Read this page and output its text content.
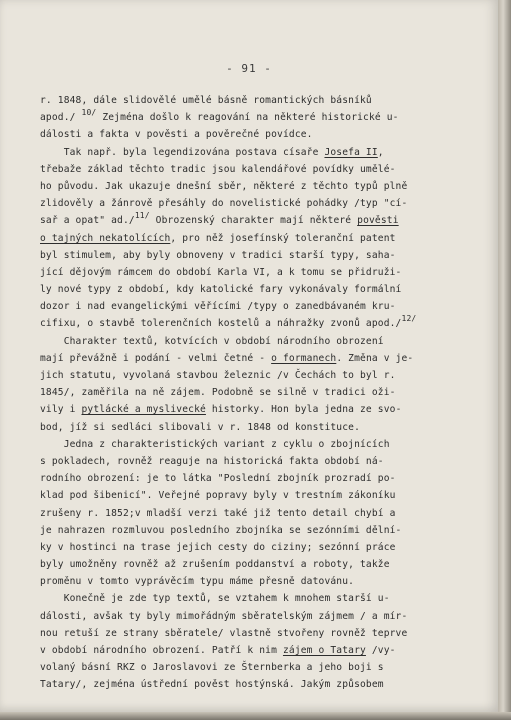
- 91 -
r. 1848, dále slidovělé umělé básně romantických básníků
apod./ $^{10/}$ Zejména došlo k reagování na některé historické u-
dálosti a fakta v pověsti a pověrečné povídce.
Tak např. byla legendizována postava císaře Josefa II,
třebaže základ těchto tradic jsou kalendářové povídky umělé-
ho původu. Jak ukazuje dnešní sběr, některé z těchto typů plně
zlidověly a žánrově přesáhly do novelistické pohádky /typ "cí-
sař a opat" ad./$^{11/}$ Obrozenský charakter mají některé pověsti
o tajných nekatolících, pro něž josefínský toleranční patent
byl stimulem, aby byly obnoveny v tradici starší typy, saha-
jící dějovým rámcem do období Karla VI, a k tomu se přidruži-
ly nové typy z období, kdy katolické fary vykonávaly formální
dozor i nad evangelickými věřícími /typy o zanedbávaném kru-
cifixu, o stavbě tolerenčních kostelů a náhražky zvonů apod./$^{12/}$
Charakter textů, kotvících v období národního obrození
mají převážně i podání - velmi četné - o formanech. Změna v je-
jich statutu, vyvolaná stavbou železnic /v Čechách to byl r.
1845/, zaměřila na ně zájem. Podobně se silně v tradici oži-
vily i pytlácké a myslivecké historky. Hon byla jedna ze svo-
bod, jíž si sedláci slibovali v r. 1848 od konstituce.
Jedna z charakteristických variant z cyklu o zbojnících
s pokladech, rovněž reaguje na historická fakta období ná-
rodního obrození: je to látka "Poslední zbojník prozradí po-
klad pod šibenicí". Veřejné popravy byly v trestním zákoníku
zrušeny r. 1852;v mladší verzi také již tento detail chybí a
je nahrazen rozmluvou posledního zbojníka se sezónními dělní-
ky v hostinci na trase jejich cesty do ciziny; sezónní práce
byly umožněny rovněž až zrušením poddanství a roboty, takže
proměnu v tomto vyprávěcím typu máme přesně datovánu.
Konečně je zde typ textů, se vztahem k mnohem starší u-
dálosti, avšak ty byly mimořádným sběratelským zájmem / a mír-
nou retuší ze strany sběratele/ vlastně stvořeny rovněž teprve
v období národního obrození. Patří k nim zájem o Tatary /vy-
volaný básní RKZ o Jaroslavovi ze Šternberka a jeho boji s
Tatary/, zejména ústřední pověst hostýnská. Jakým způsobem
